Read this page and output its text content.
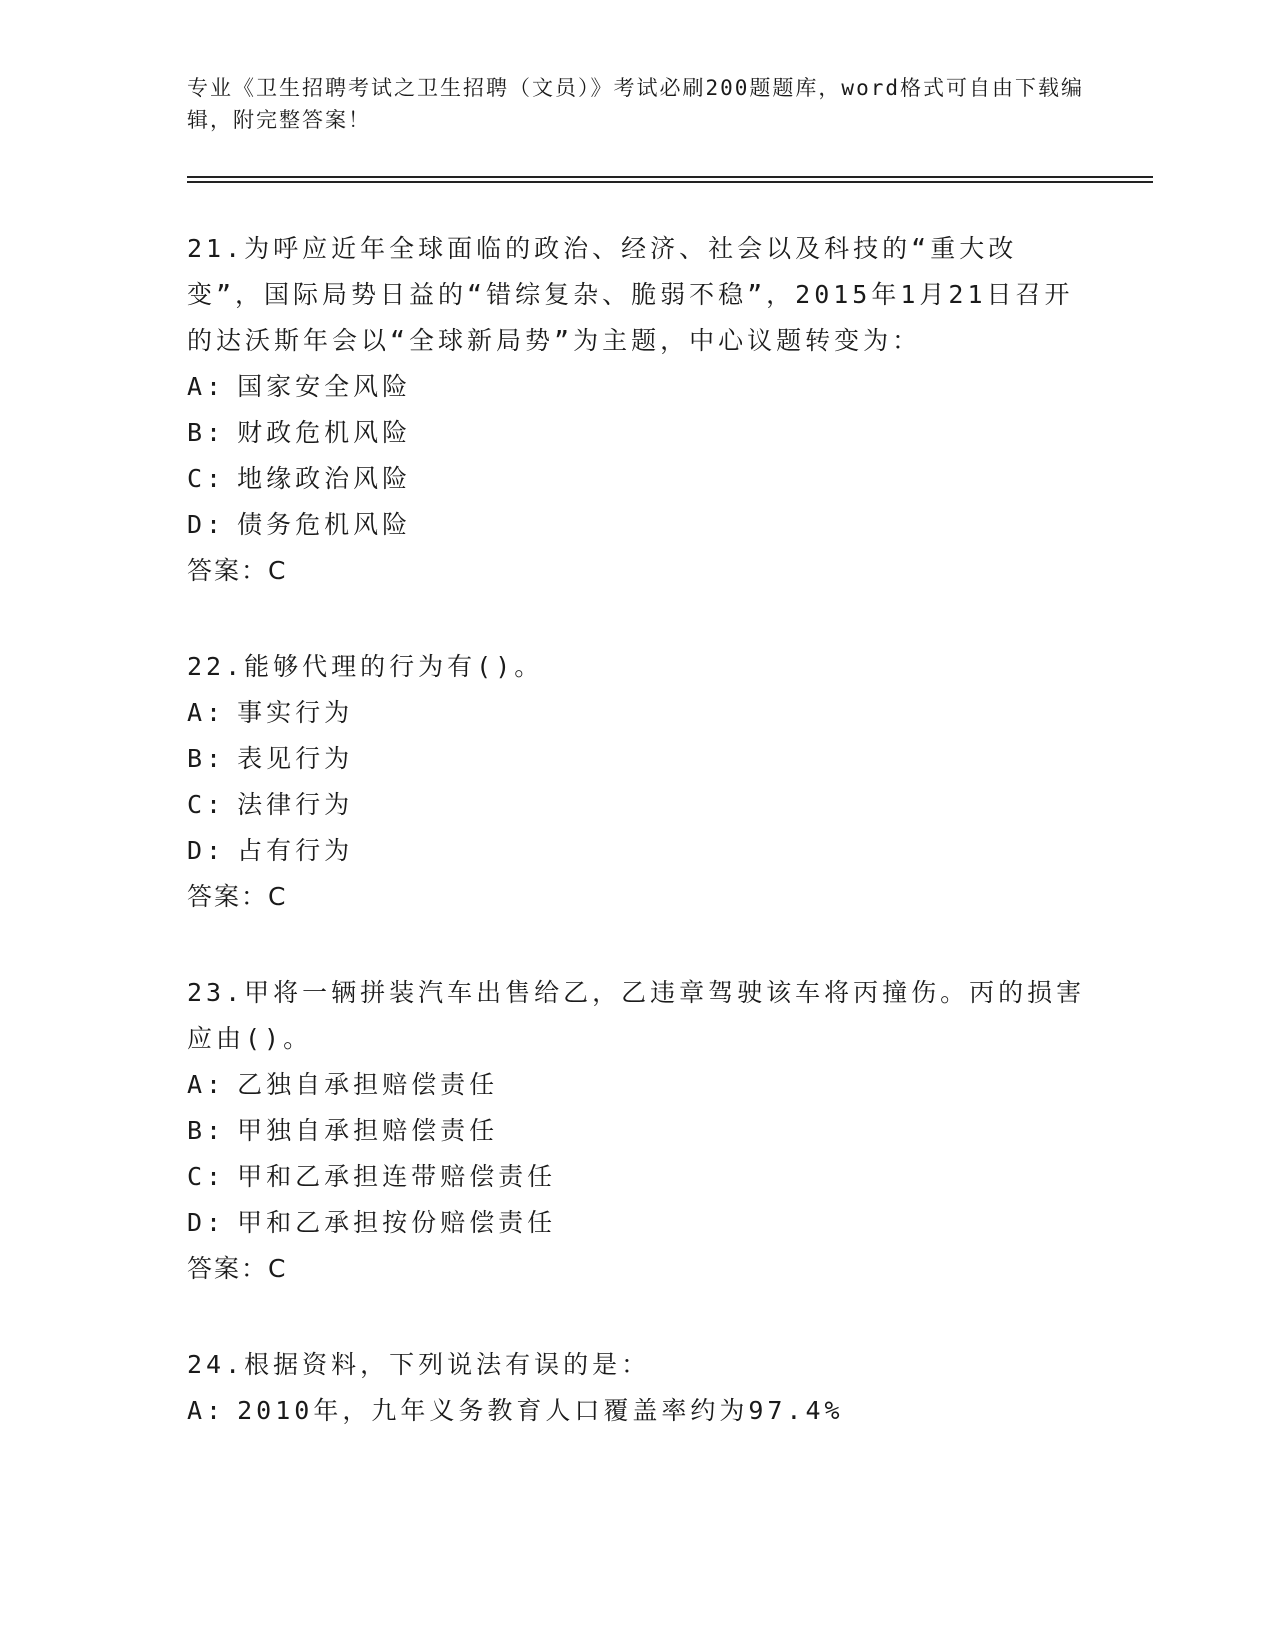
专业《卫生招聘考试之卫生招聘（文员）》考试必刷200题题库，word格式可自由下载编辑，附完整答案！
21.为呼应近年全球面临的政治、经济、社会以及科技的“重大改变”，国际局势日益的“错综复杂、脆弱不稳”，2015年1月21日召开的达沃斯年会以“全球新局势”为主题，中心议题转变为：
A: 国家安全风险
B: 财政危机风险
C: 地缘政治风险
D: 债务危机风险
答案：C
22.能够代理的行为有()。
A: 事实行为
B: 表见行为
C: 法律行为
D: 占有行为
答案：C
23.甲将一辆拼装汽车出售给乙，乙违章驾驶该车将丙撞伤。丙的损害应由()。
A: 乙独自承担赔偿责任
B: 甲独自承担赔偿责任
C: 甲和乙承担连带赔偿责任
D: 甲和乙承担按份赔偿责任
答案：C
24.根据资料，下列说法有误的是：
A: 2010年，九年义务教育人口覆盖率约为97.4%
